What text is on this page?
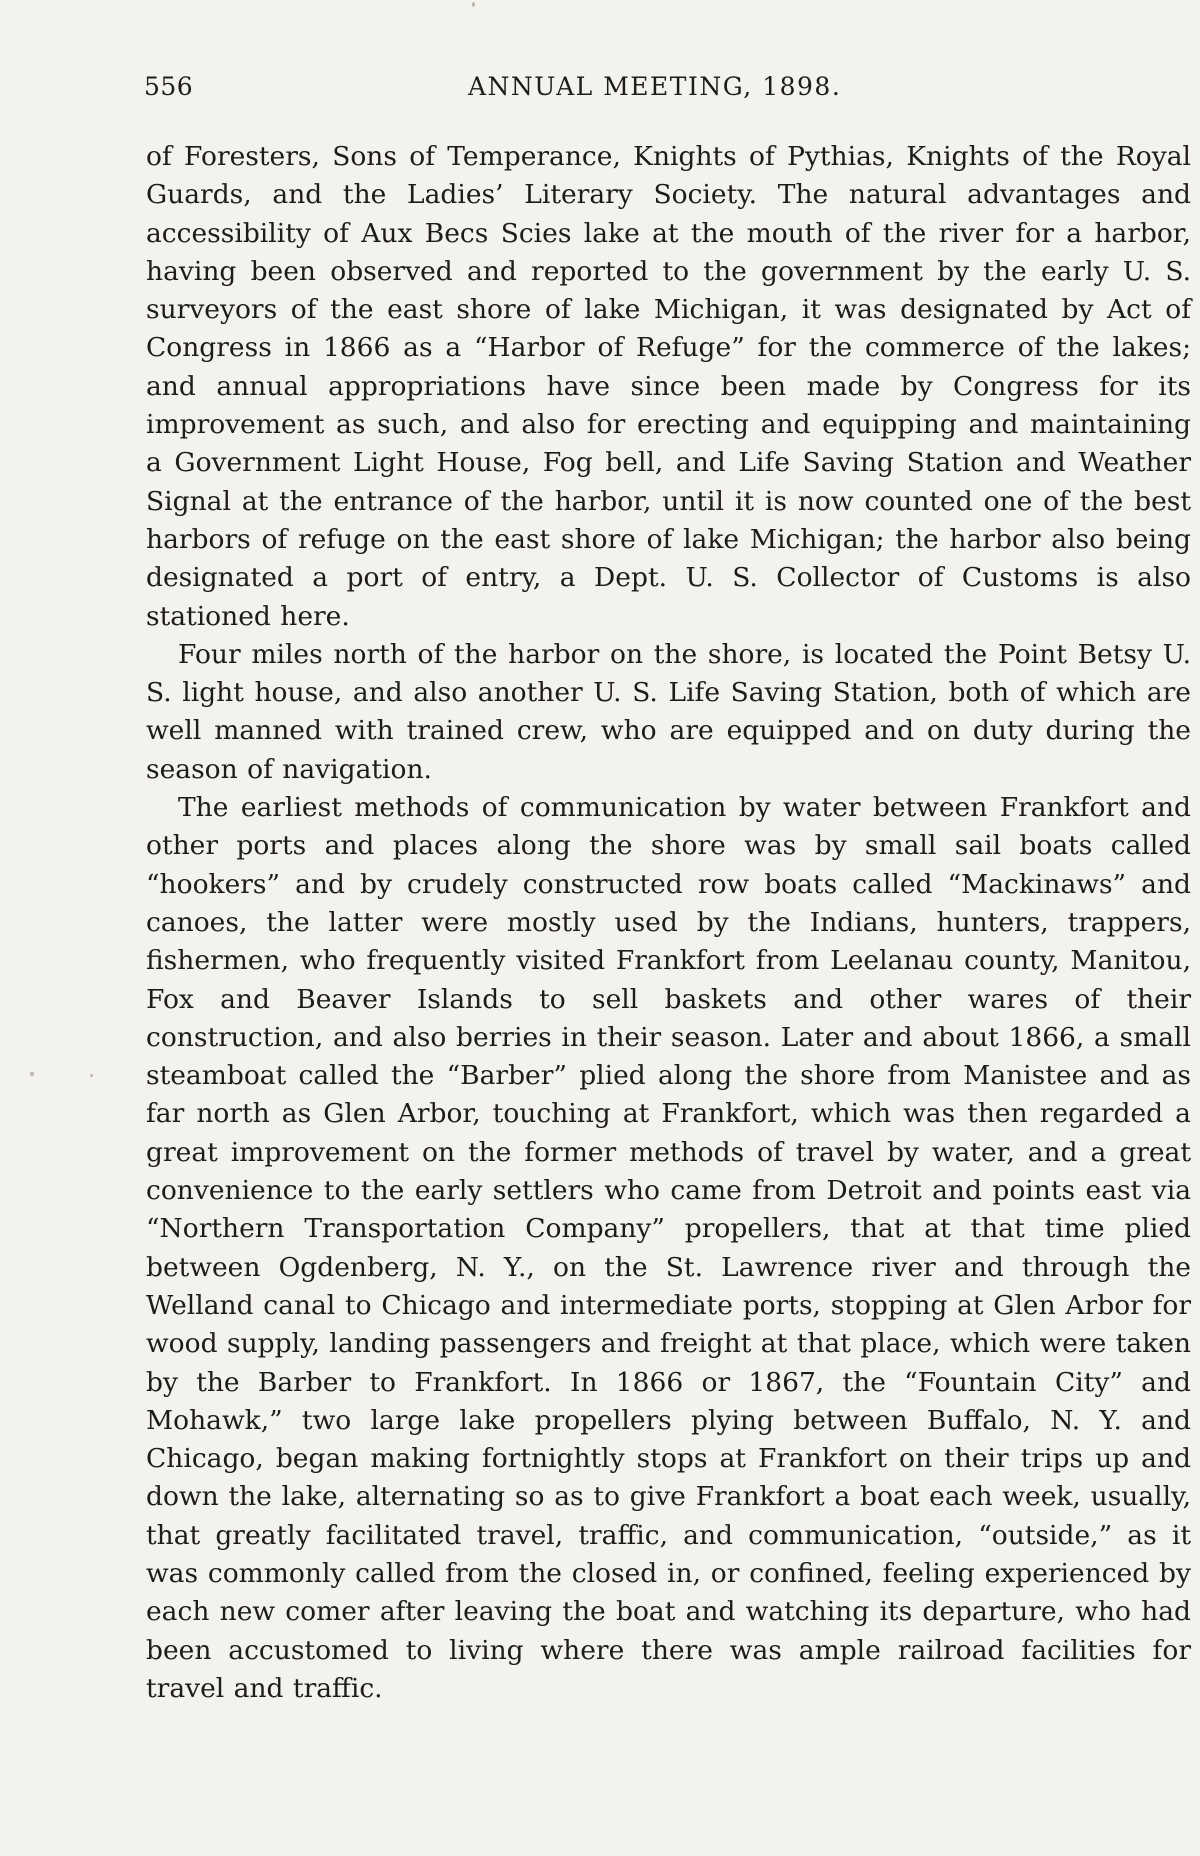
556	ANNUAL MEETING, 1898.

of Foresters, Sons of Temperance, Knights of Pythias, Knights of the Royal Guards, and the Ladies’ Literary Society. The natural advantages and accessibility of Aux Becs Scies lake at the mouth of the river for a harbor, having been observed and reported to the government by the early U. S. surveyors of the east shore of lake Michigan, it was designated by Act of Congress in 1866 as a “Harbor of Refuge” for the commerce of the lakes; and annual appropriations have since been made by Congress for its improvement as such, and also for erecting and equipping and maintaining a Government Light House, Fog bell, and Life Saving Station and Weather Signal at the entrance of the harbor, until it is now counted one of the best harbors of refuge on the east shore of lake Michigan; the harbor also being designated a port of entry, a Dept. U. S. Collector of Customs is also stationed here.

Four miles north of the harbor on the shore, is located the Point Betsy U. S. light house, and also another U. S. Life Saving Station, both of which are well manned with trained crew, who are equipped and on duty during the season of navigation.

The earliest methods of communication by water between Frankfort and other ports and places along the shore was by small sail boats called “hookers” and by crudely constructed row boats called “Mackinaws” and canoes, the latter were mostly used by the Indians, hunters, trappers, fishermen, who frequently visited Frankfort from Leelanau county, Manitou, Fox and Beaver Islands to sell baskets and other wares of their construction, and also berries in their season. Later and about 1866, a small steamboat called the “Barber” plied along the shore from Manistee and as far north as Glen Arbor, touching at Frankfort, which was then regarded a great improvement on the former methods of travel by water, and a great convenience to the early settlers who came from Detroit and points east via “Northern Transportation Company” propellers, that at that time plied between Ogdenberg, N. Y., on the St. Lawrence river and through the Welland canal to Chicago and intermediate ports, stopping at Glen Arbor for wood supply, landing passengers and freight at that place, which were taken by the Barber to Frankfort. In 1866 or 1867, the “Fountain City” and Mohawk,” two large lake propellers plying between Buffalo, N. Y. and Chicago, began making fortnightly stops at Frankfort on their trips up and down the lake, alternating so as to give Frankfort a boat each week, usually, that greatly facilitated travel, traffic, and communication, “outside,” as it was commonly called from the closed in, or confined, feeling experienced by each new comer after leaving the boat and watching its departure, who had been accustomed to living where there was ample railroad facilities for travel and traffic.
